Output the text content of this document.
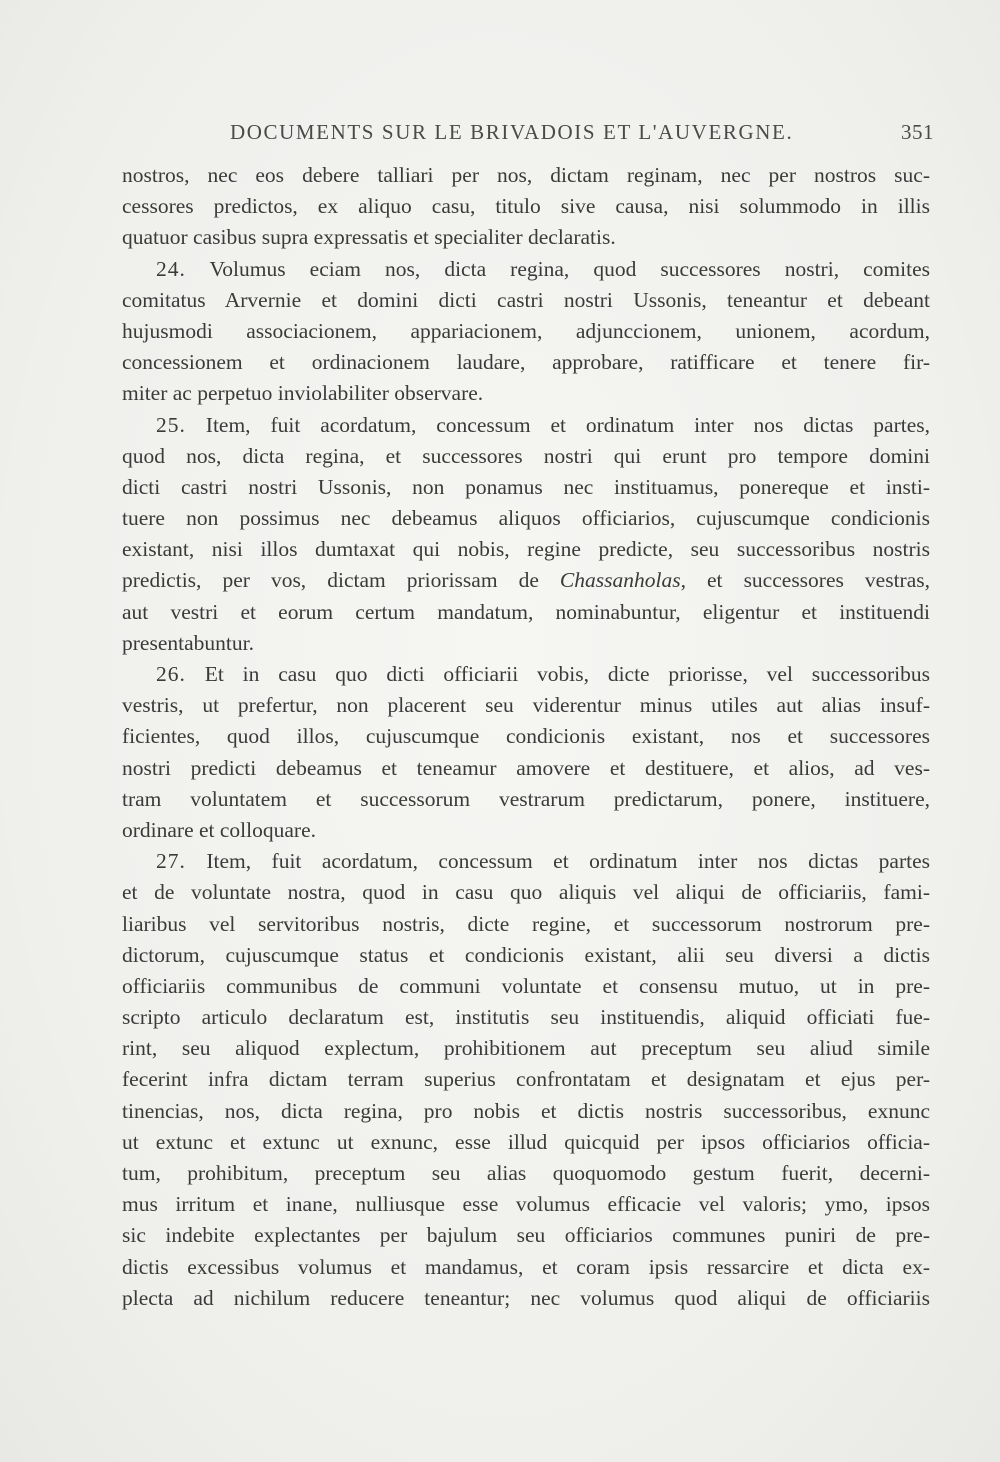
DOCUMENTS SUR LE BRIVADOIS ET L'AUVERGNE.	351
nostros, nec eos debere talliari per nos, dictam reginam, nec per nostros suc-
cessores predictos, ex aliquo casu, titulo sive causa, nisi solummodo in illis
quatuor casibus supra expressatis et specialiter declaratis.
24. Volumus eciam nos, dicta regina, quod successores nostri, comites
comitatus Arvernie et domini dicti castri nostri Ussonis, teneantur et debeant
hujusmodi associacionem, appariacionem, adjunccionem, unionem, acordum,
concessionem et ordinacionem laudare, approbare, ratifficare et tenere fir-
miter ac perpetuo inviolabiliter observare.
25. Item, fuit acordatum, concessum et ordinatum inter nos dictas partes,
quod nos, dicta regina, et successores nostri qui erunt pro tempore domini
dicti castri nostri Ussonis, non ponamus nec instituamus, ponereque et insti-
tuere non possimus nec debeamus aliquos officiarios, cujuscumque condicionis
existant, nisi illos dumtaxat qui nobis, regine predicte, seu successoribus nostris
predictis, per vos, dictam priorissam de Chassanholas, et successores vestras,
aut vestri et eorum certum mandatum, nominabuntur, eligentur et instituendi
presentabuntur.
26. Et in casu quo dicti officiarii vobis, dicte priorisse, vel successoribus
vestris, ut prefertur, non placerent seu viderentur minus utiles aut alias insuf-
ficientes, quod illos, cujuscumque condicionis existant, nos et successores
nostri predicti debeamus et teneamur amovere et destituere, et alios, ad ves-
tram voluntatem et successorum vestrarum predictarum, ponere, instituere,
ordinare et colloquare.
27. Item, fuit acordatum, concessum et ordinatum inter nos dictas partes
et de voluntate nostra, quod in casu quo aliquis vel aliqui de officiariis, fami-
liaribus vel servitoribus nostris, dicte regine, et successorum nostrorum pre-
dictorum, cujuscumque status et condicionis existant, alii seu diversi a dictis
officiariis communibus de communi voluntate et consensu mutuo, ut in pre-
scripto articulo declaratum est, institutis seu instituendis, aliquid officiati fue-
rint, seu aliquod explectum, prohibitionem aut preceptum seu aliud simile
fecerint infra dictam terram superius confrontatam et designatam et ejus per-
tinencias, nos, dicta regina, pro nobis et dictis nostris successoribus, exnunc
ut extunc et extunc ut exnunc, esse illud quicquid per ipsos officiarios officia-
tum, prohibitum, preceptum seu alias quoquomodo gestum fuerit, decerni-
mus irritum et inane, nulliusque esse volumus efficacie vel valoris; ymo, ipsos
sic indebite explectantes per bajulum seu officiarios communes puniri de pre-
dictis excessibus volumus et mandamus, et coram ipsis ressarcire et dicta ex-
plecta ad nichilum reducere teneantur; nec volumus quod aliqui de officiariis
